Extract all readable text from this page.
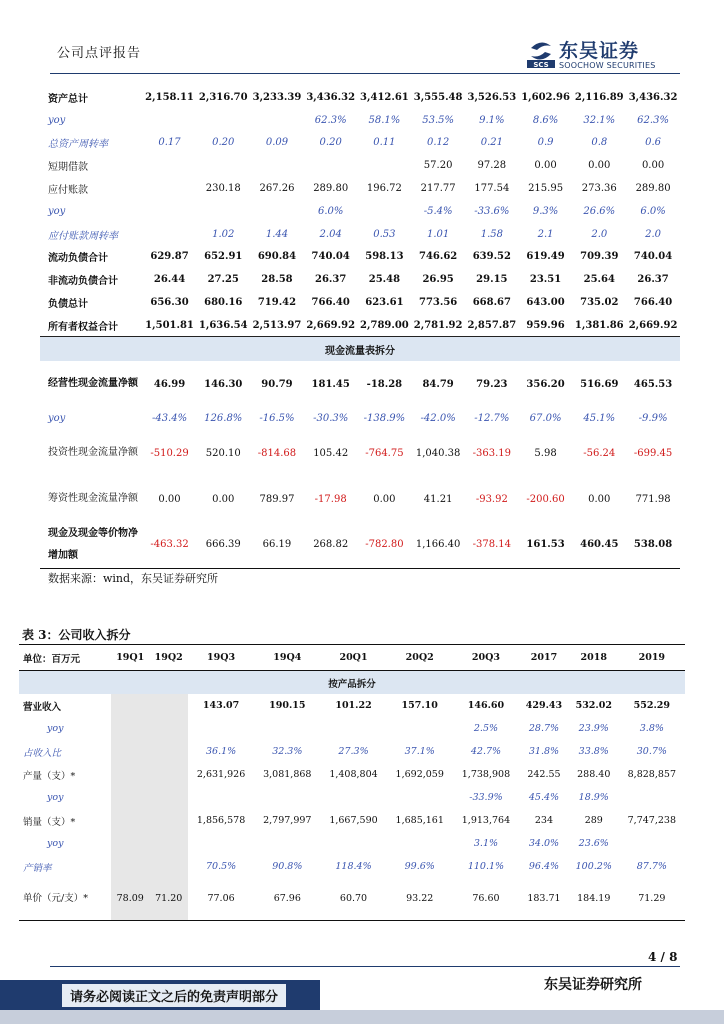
公司点评报告
SCS
东吴证券
SOOCHOW SECURITIES
资产总计	2,158.11	2,316.70	3,233.39	3,436.32	3,412.61	3,555.48	3,526.53	1,602.96	2,116.89	3,436.32
yoy				62.3%	58.1%	53.5%	9.1%	8.6%	32.1%	62.3%
总资产周转率	0.17	0.20	0.09	0.20	0.11	0.12	0.21	0.9	0.8	0.6
短期借款						57.20	97.28	0.00	0.00	0.00
应付账款		230.18	267.26	289.80	196.72	217.77	177.54	215.95	273.36	289.80
yoy				6.0%		-5.4%	-33.6%	9.3%	26.6%	6.0%
应付账款周转率		1.02	1.44	2.04	0.53	1.01	1.58	2.1	2.0	2.0
流动负债合计	629.87	652.91	690.84	740.04	598.13	746.62	639.52	619.49	709.39	740.04
非流动负债合计	26.44	27.25	28.58	26.37	25.48	26.95	29.15	23.51	25.64	26.37
负债总计	656.30	680.16	719.42	766.40	623.61	773.56	668.67	643.00	735.02	766.40
所有者权益合计	1,501.81	1,636.54	2,513.97	2,669.92	2,789.00	2,781.92	2,857.87	959.96	1,381.86	2,669.92
现金流量表拆分										
经营性现金流量净额	46.99	146.30	90.79	181.45	-18.28	84.79	79.23	356.20	516.69	465.53
yoy	-43.4%	126.8%	-16.5%	-30.3%	-138.9%	-42.0%	-12.7%	67.0%	45.1%	-9.9%
投资性现金流量净额	-510.29	520.10	-814.68	105.42	-764.75	1,040.38	-363.19	5.98	-56.24	-699.45
筹资性现金流量净额	0.00	0.00	789.97	-17.98	0.00	41.21	-93.92	-200.60	0.00	771.98
现金及现金等价物净增加额	-463.32	666.39	66.19	268.82	-782.80	1,166.40	-378.14	161.53	460.45	538.08
数据来源：wind，东吴证券研究所
表 3：公司收入拆分
单位：百万元	19Q1	19Q2	19Q3	19Q4	20Q1	20Q2	20Q3	2017	2018	2019
按产品拆分										
营业收入			143.07	190.15	101.22	157.10	146.60	429.43	532.02	552.29
yoy							2.5%	28.7%	23.9%	3.8%
占收入比			36.1%	32.3%	27.3%	37.1%	42.7%	31.8%	33.8%	30.7%
产量（支）*			2,631,926	3,081,868	1,408,804	1,692,059	1,738,908	242.55	288.40	8,828,857
yoy							-33.9%	45.4%	18.9%	
销量（支）*			1,856,578	2,797,997	1,667,590	1,685,161	1,913,764	234	289	7,747,238
yoy							3.1%	34.0%	23.6%	
产销率			70.5%	90.8%	118.4%	99.6%	110.1%	96.4%	100.2%	87.7%
单价（元/支）*	78.09	71.20	77.06	67.96	60.70	93.22	76.60	183.71	184.19	71.29
4 / 8
请务必阅读正文之后的免责声明部分
东吴证券研究所
